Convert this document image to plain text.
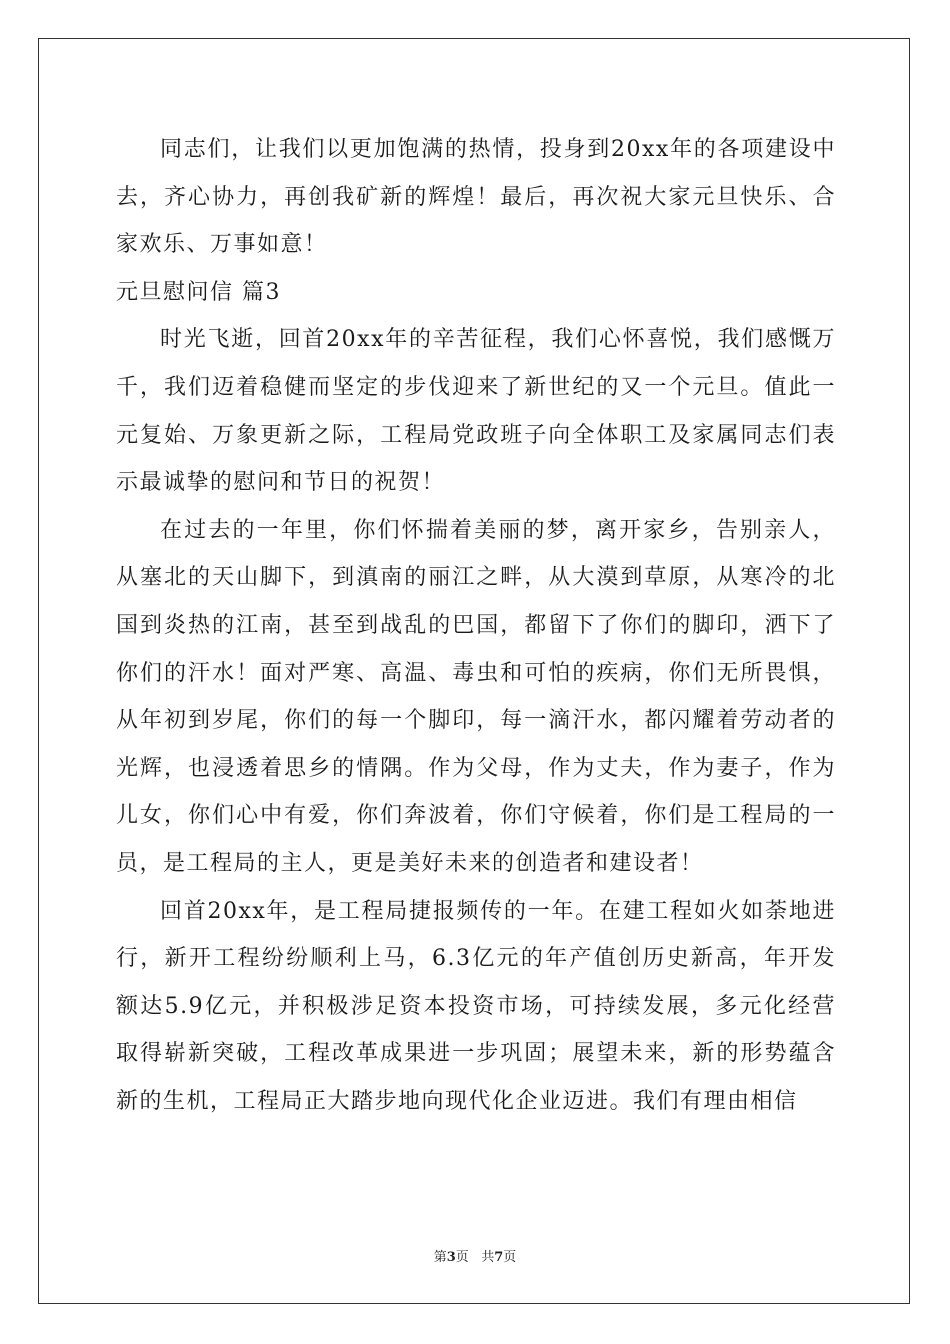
同志们，让我们以更加饱满的热情，投身到20xx年的各项建设中去，齐心协力，再创我矿新的辉煌！最后，再次祝大家元旦快乐、合家欢乐、万事如意！

元旦慰问信 篇3

时光飞逝，回首20xx年的辛苦征程，我们心怀喜悦，我们感慨万千，我们迈着稳健而坚定的步伐迎来了新世纪的又一个元旦。值此一元复始、万象更新之际，工程局党政班子向全体职工及家属同志们表示最诚挚的慰问和节日的祝贺！

在过去的一年里，你们怀揣着美丽的梦，离开家乡，告别亲人，从塞北的天山脚下，到滇南的丽江之畔，从大漠到草原，从寒冷的北国到炎热的江南，甚至到战乱的巴国，都留下了你们的脚印，洒下了你们的汗水！面对严寒、高温、毒虫和可怕的疾病，你们无所畏惧，从年初到岁尾，你们的每一个脚印，每一滴汗水，都闪耀着劳动者的光辉，也浸透着思乡的情隅。作为父母，作为丈夫，作为妻子，作为儿女，你们心中有爱，你们奔波着，你们守候着，你们是工程局的一员，是工程局的主人，更是美好未来的创造者和建设者！

回首20xx年，是工程局捷报频传的一年。在建工程如火如荼地进行，新开工程纷纷顺利上马，6.3亿元的年产值创历史新高，年开发额达5.9亿元，并积极涉足资本投资市场，可持续发展，多元化经营取得崭新突破，工程改革成果进一步巩固；展望未来，新的形势蕴含新的生机，工程局正大踏步地向现代化企业迈进。我们有理由相信

第3页 共7页
